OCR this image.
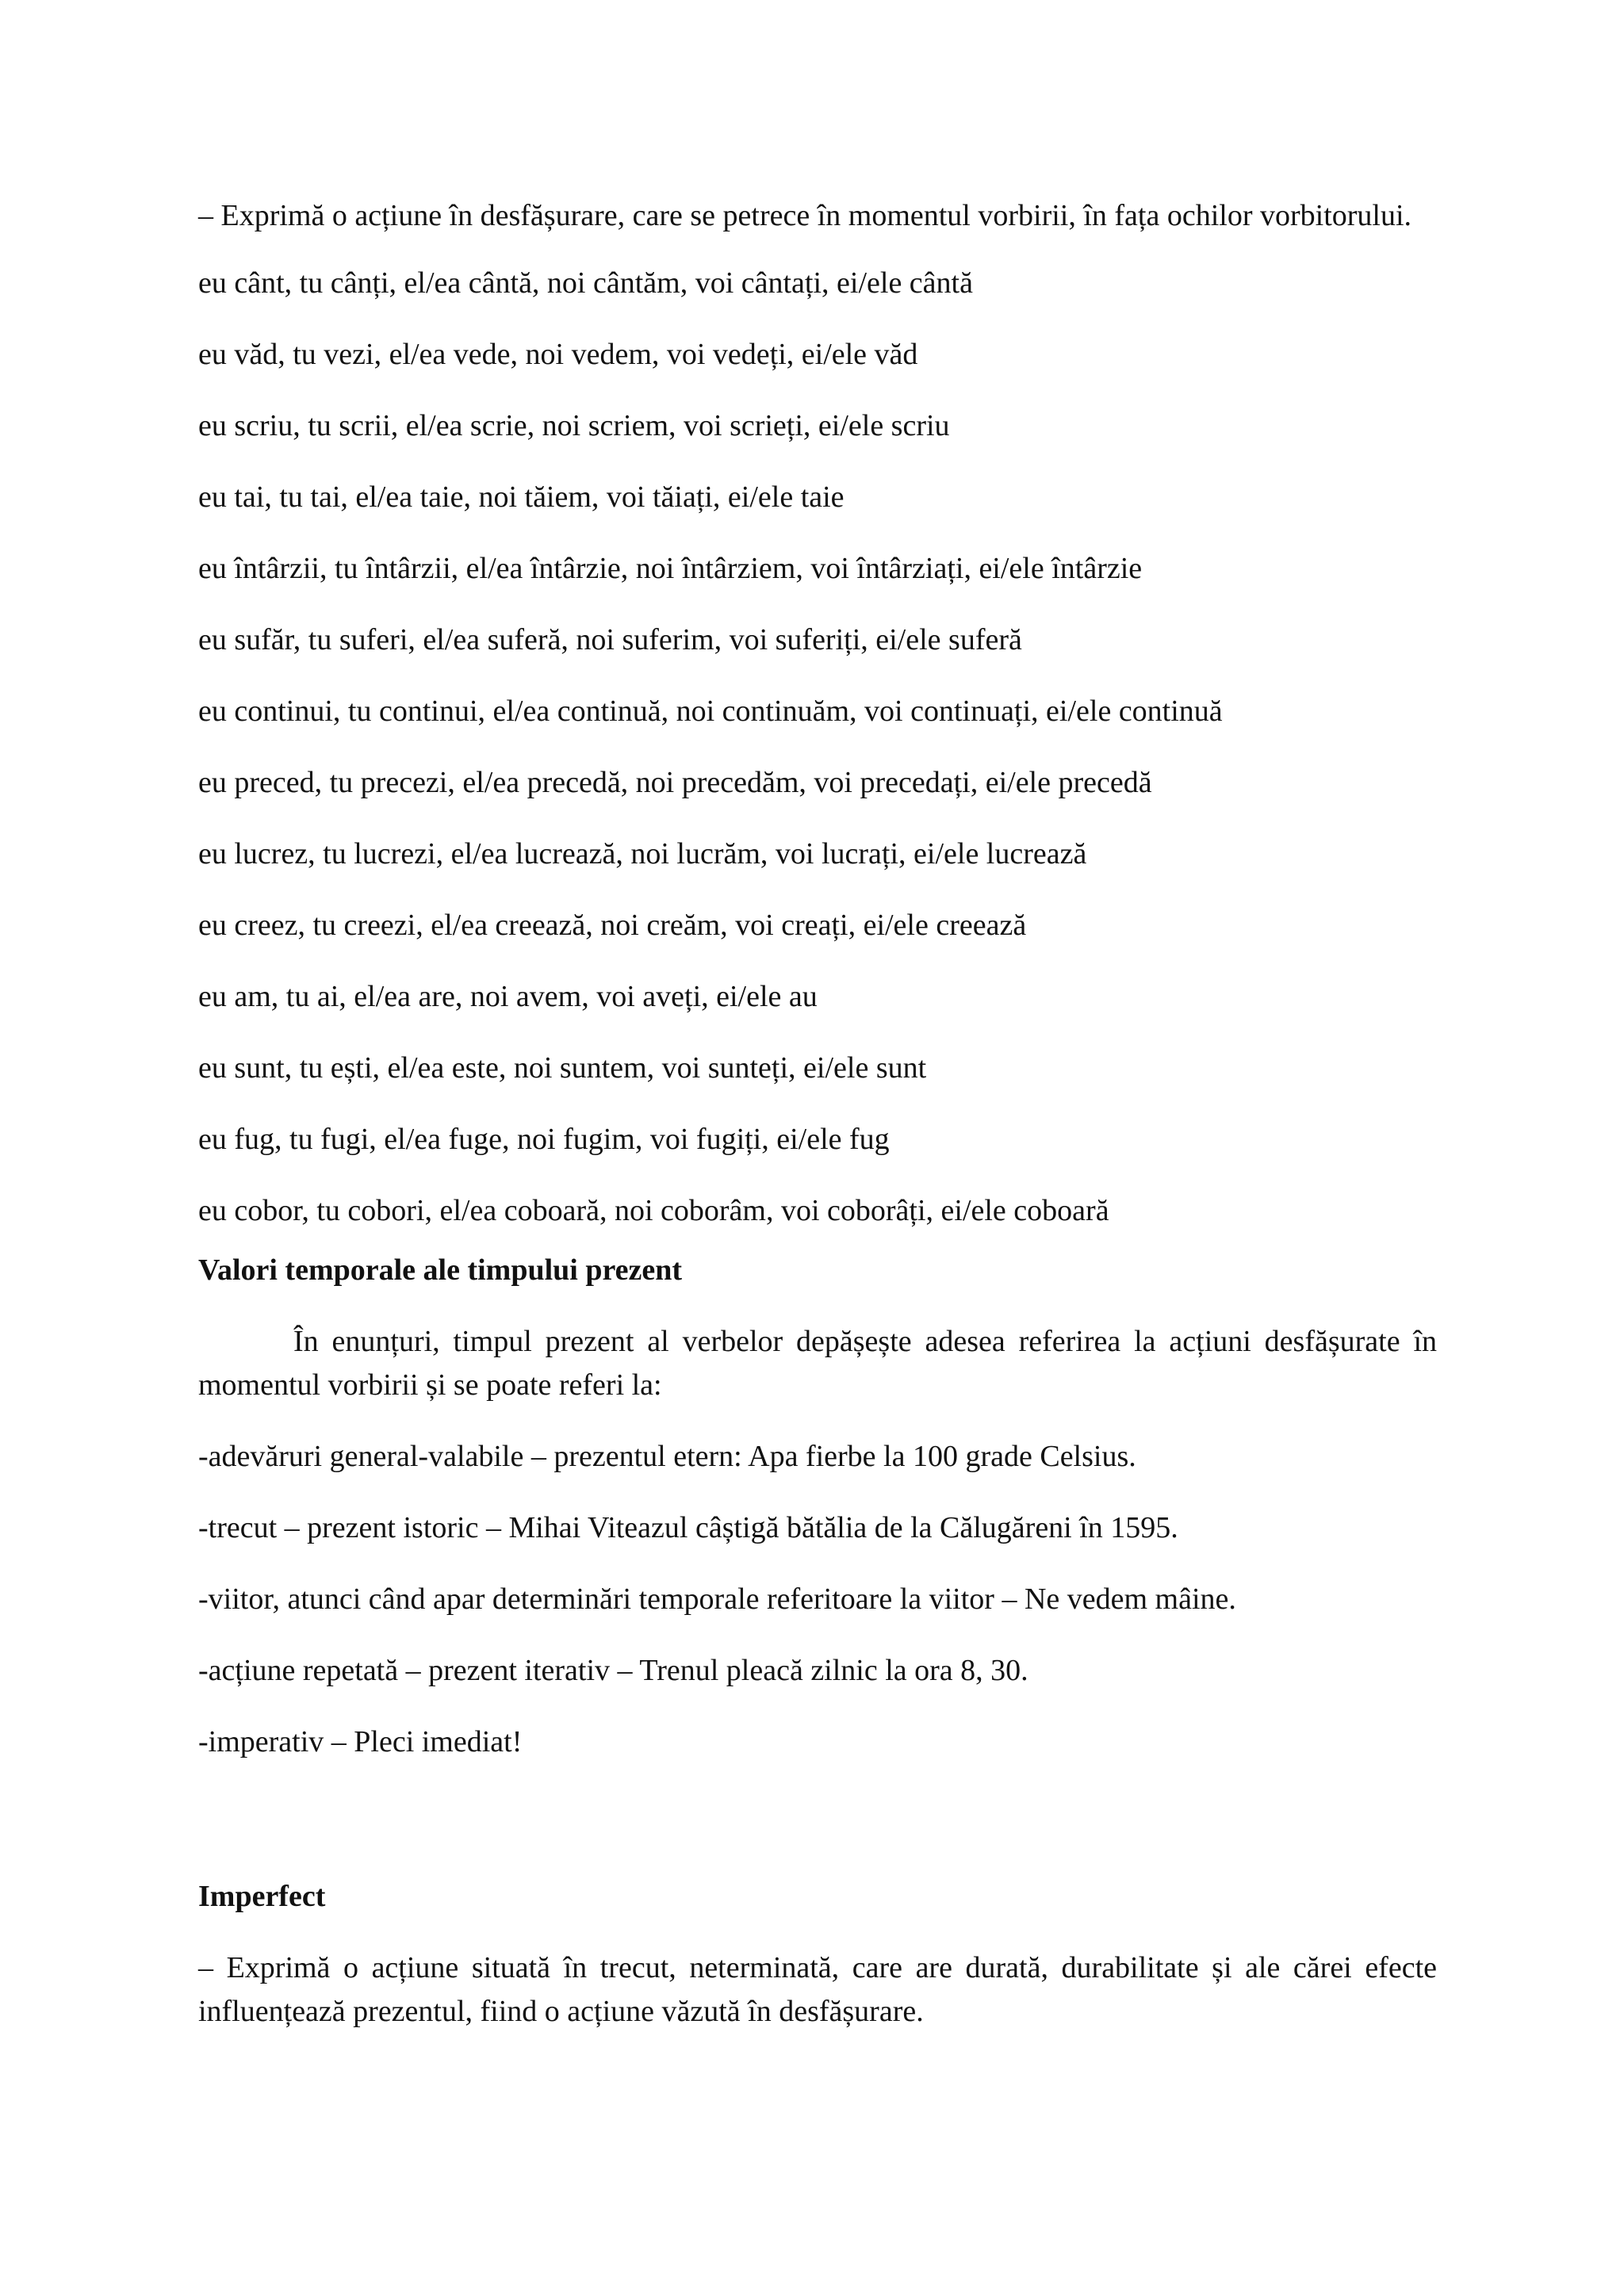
– Exprimă o acțiune în desfășurare, care se petrece în momentul vorbirii, în fața ochilor vorbitorului.

eu cânt, tu cânți, el/ea cântă, noi cântăm, voi cântați, ei/ele cântă

eu văd, tu vezi, el/ea vede, noi vedem, voi vedeți, ei/ele văd

eu scriu, tu scrii, el/ea scrie, noi scriem, voi scrieți, ei/ele scriu

eu tai, tu tai, el/ea taie, noi tăiem, voi tăiați, ei/ele taie

eu întârzii, tu întârzii, el/ea întârzie, noi întârziem, voi întârziați, ei/ele întârzie

eu sufăr, tu suferi, el/ea suferă, noi suferim, voi suferiți, ei/ele suferă

eu continui, tu continui, el/ea continuă, noi continuăm, voi continuați, ei/ele continuă

eu preced, tu precezi, el/ea precedă, noi precedăm, voi precedați, ei/ele precedă

eu lucrez, tu lucrezi, el/ea lucrează, noi lucrăm, voi lucrați, ei/ele lucrează

eu creez, tu creezi, el/ea creează, noi creăm, voi creați, ei/ele creează

eu am, tu ai, el/ea are, noi avem, voi aveți, ei/ele au

eu sunt, tu ești, el/ea este, noi suntem, voi sunteți, ei/ele sunt

eu fug, tu fugi, el/ea fuge, noi fugim, voi fugiți, ei/ele fug

eu cobor, tu cobori, el/ea coboară, noi coborâm, voi coborâți, ei/ele coboară

Valori temporale ale timpului prezent

În enunțuri, timpul prezent al verbelor depășește adesea referirea la acțiuni desfășurate în momentul vorbirii și se poate referi la:

-adevăruri general-valabile – prezentul etern: Apa fierbe la 100 grade Celsius.

-trecut – prezent istoric – Mihai Viteazul câștigă bătălia de la Călugăreni în 1595.

-viitor, atunci când apar determinări temporale referitoare la viitor – Ne vedem mâine.

-acțiune repetată – prezent iterativ – Trenul pleacă zilnic la ora 8, 30.

-imperativ – Pleci imediat!

Imperfect

– Exprimă o acțiune situată în trecut, neterminată, care are durată, durabilitate și ale cărei efecte influențează prezentul, fiind o acțiune văzută în desfășurare.
